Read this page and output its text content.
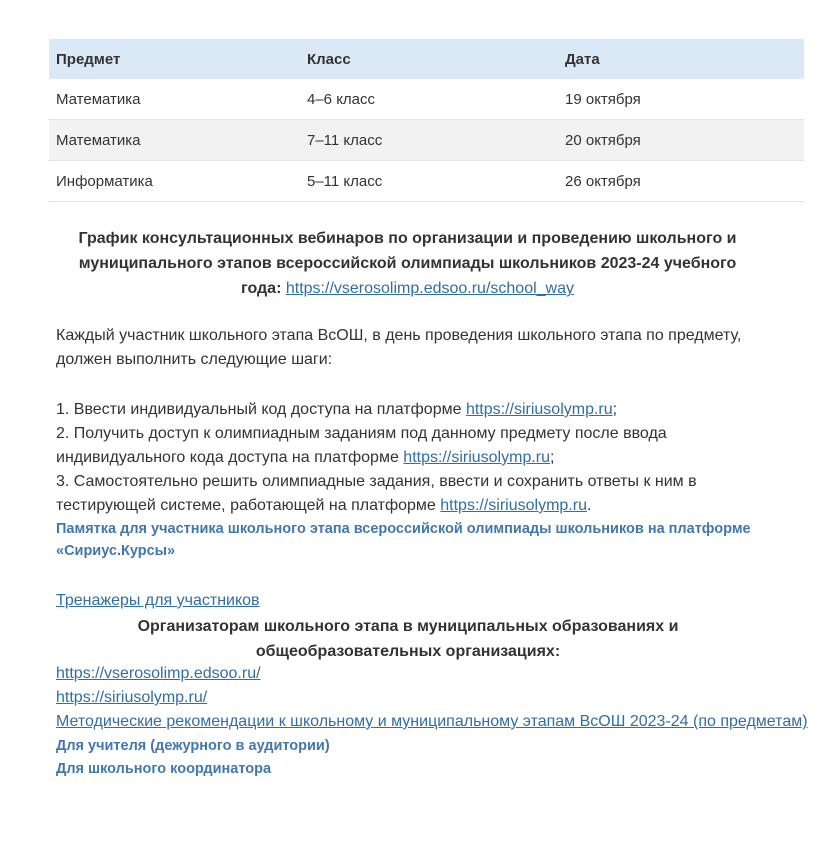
Предмет	Класс	Дата
Математика	4–6 класс	19 октября
Математика	7–11 класс	20 октября
Информатика	5–11 класс	26 октября
График консультационных вебинаров по организации и проведению школьного и муниципального этапов всероссийской олимпиады школьников 2023-24 учебного года: https://vserosolimp.edsoo.ru/school_way
Каждый участник школьного этапа ВсОШ, в день проведения школьного этапа по предмету, должен выполнить следующие шаги:
1. Ввести индивидуальный код доступа на платформе https://siriusolymp.ru;
2. Получить доступ к олимпиадным заданиям под данному предмету после ввода индивидуального кода доступа на платформе https://siriusolymp.ru;
3. Самостоятельно решить олимпиадные задания, ввести и сохранить ответы к ним в тестирующей системе, работающей на платформе https://siriusolymp.ru.
Памятка для участника школьного этапа всероссийской олимпиады школьников на платформе «Сириус.Курсы»
Тренажеры для участников
Организаторам школьного этапа в муниципальных образованиях и общеобразовательных организациях:
https://vserosolimp.edsoo.ru/
https://siriusolymp.ru/
Методические рекомендации к школьному и муниципальному этапам ВсОШ 2023-24 (по предметам)
Для учителя (дежурного в аудитории)
Для школьного координатора
